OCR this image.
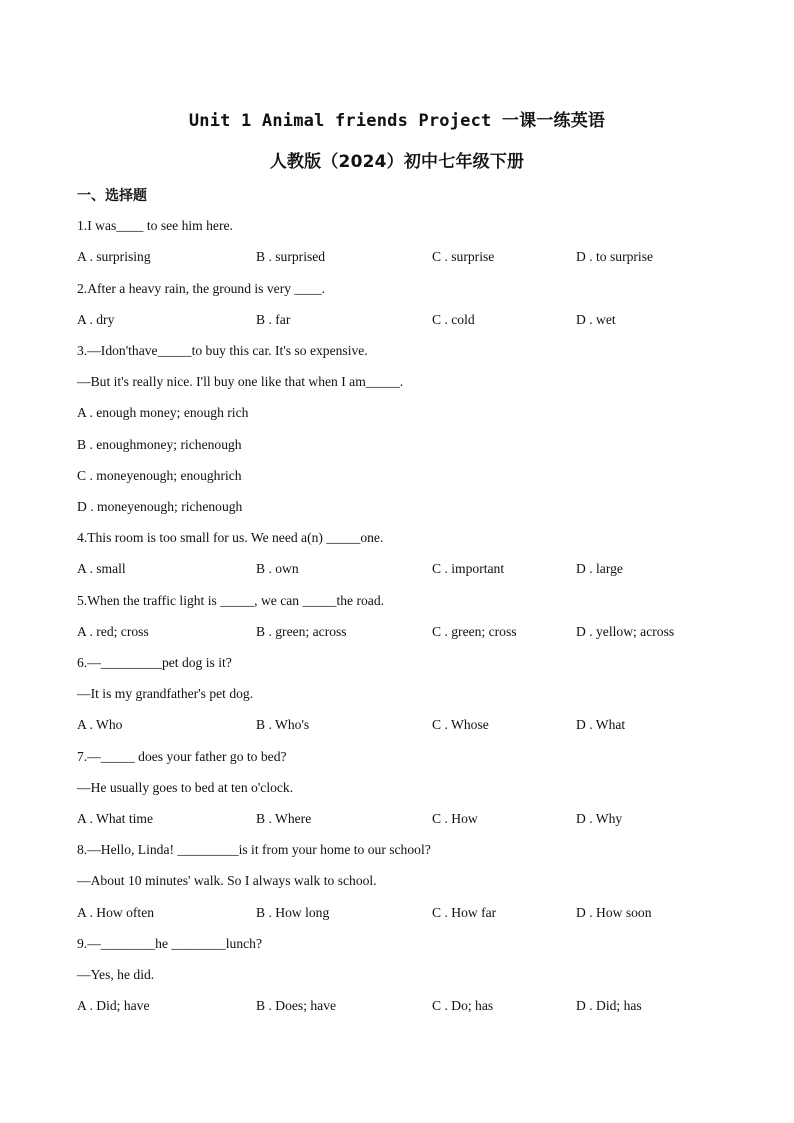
Unit 1 Animal friends Project 一课一练英语
人教版（2024）初中七年级下册
一、选择题
1.I was____ to see him here.
A . surprising	B . surprised	C . surprise	D . to surprise
2.After a heavy rain, the ground is very ____.
A . dry	B . far	C . cold	D . wet
3.—Idon'thave_____to buy this car. It's so expensive.
—But it's really nice. I'll buy one like that when I am_____.
A . enough money; enough rich
B . enoughmoney; richenough
C . moneyenough; enoughrich
D . moneyenough; richenough
4.This room is too small for us. We need a(n) _____one.
A . small	B . own	C . important	D . large
5.When the traffic light is _____, we can _____the road.
A . red; cross	B . green; across	C . green; cross	D . yellow; across
6.—_________pet dog is it?
—It is my grandfather's pet dog.
A . Who	B . Who's	C . Whose	D . What
7.—_____ does your father go to bed?
—He usually goes to bed at ten o'clock.
A . What time	B . Where	C . How	D . Why
8.—Hello, Linda! _________is it from your home to our school?
—About 10 minutes' walk. So I always walk to school.
A . How often	B . How long	C . How far	D . How soon
9.—________he ________lunch?
—Yes, he did.
A . Did; have	B . Does; have	C . Do; has	D . Did; has
